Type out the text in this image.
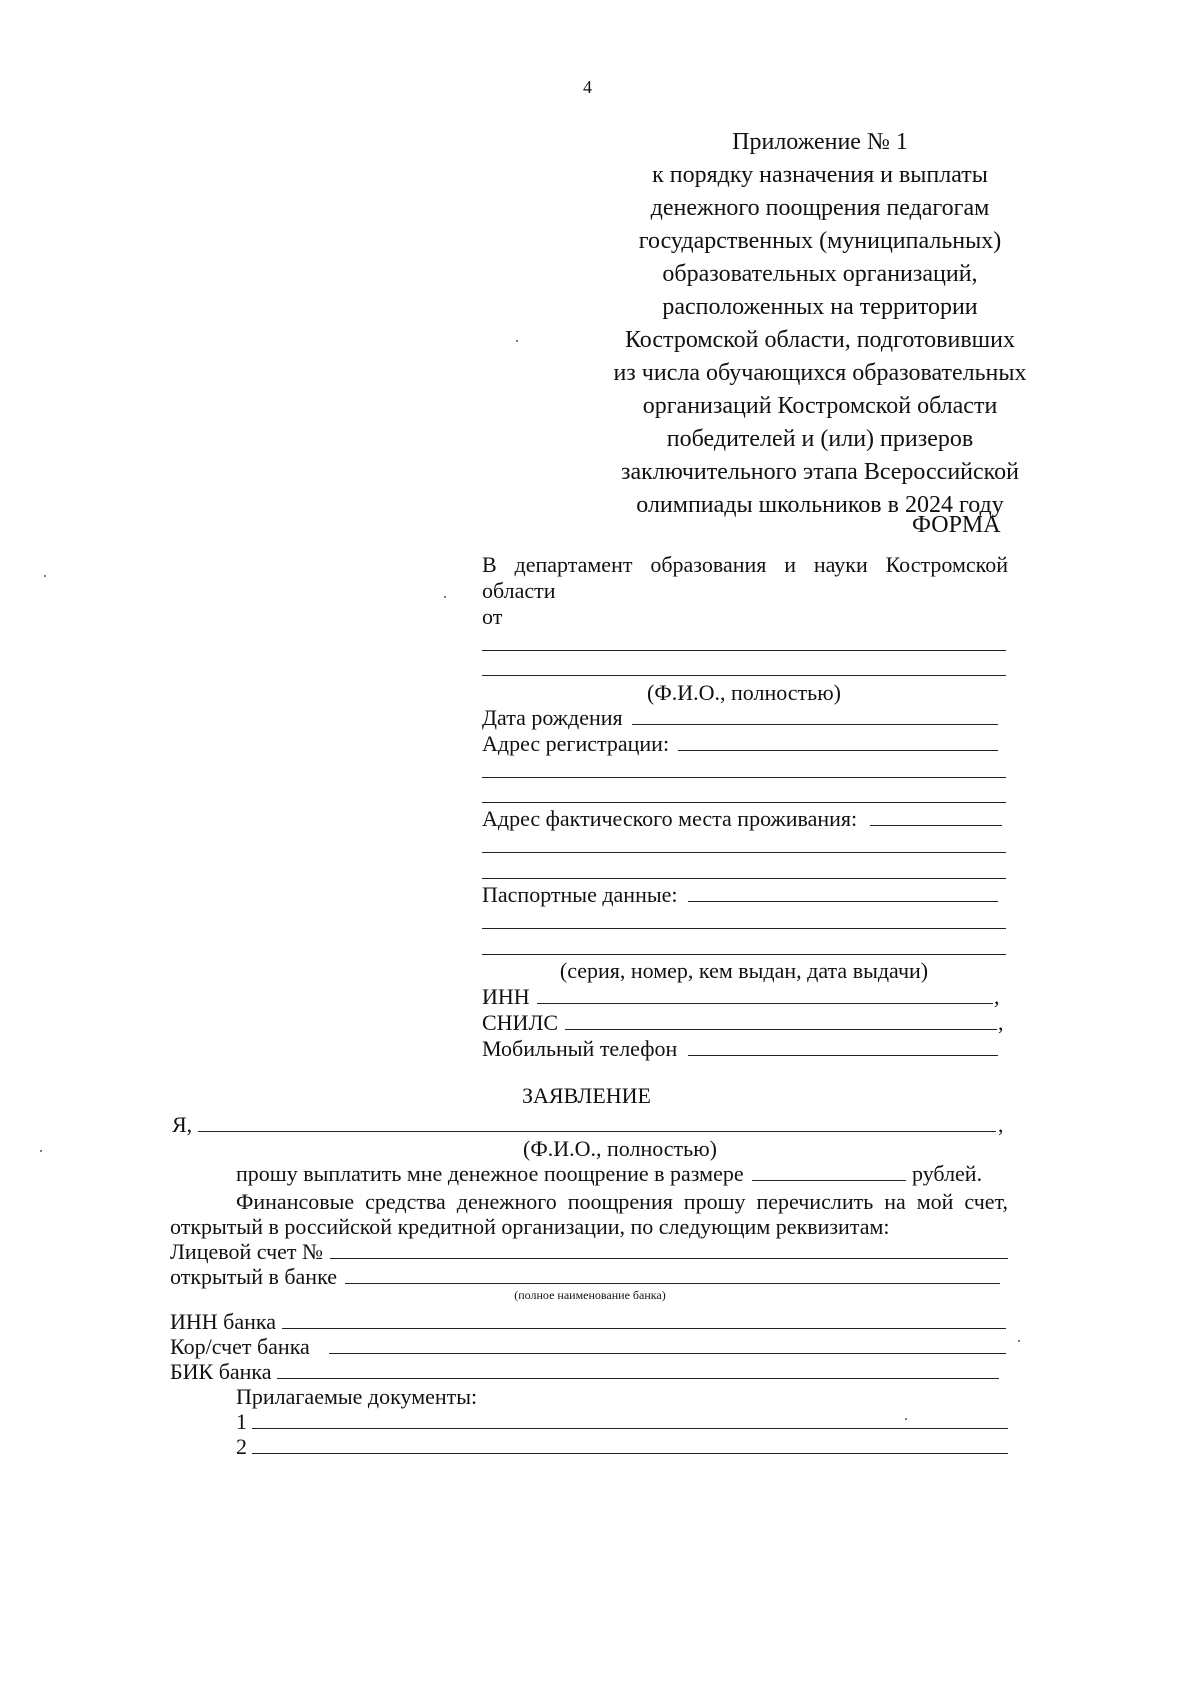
4
Приложение № 1
к порядку назначения и выплаты
денежного поощрения педагогам
государственных (муниципальных)
образовательных организаций,
расположенных на территории
Костромской области, подготовивших
из числа обучающихся образовательных
организаций Костромской области
победителей и (или) призеров
заключительного этапа Всероссийской
олимпиады школьников в 2024 году
ФОРМА
В департамент образования и науки Костромской
области
от
(Ф.И.О., полностью)
Дата рождения
Адрес регистрации:
Адрес фактического места проживания:
Паспортные данные:
(серия, номер, кем выдан, дата выдачи)
ИНН	,
СНИЛС	,
Мобильный телефон
ЗАЯВЛЕНИЕ
Я,	,
(Ф.И.О., полностью)
прошу выплатить мне денежное поощрение в размере	рублей.
Финансовые средства денежного поощрения прошу перечислить на мой счет,
открытый в российской кредитной организации, по следующим реквизитам:
Лицевой счет №
открытый в банке
(полное наименование банка)
ИНН банка
Кор/счет банка
БИК банка
Прилагаемые документы:
1
2
